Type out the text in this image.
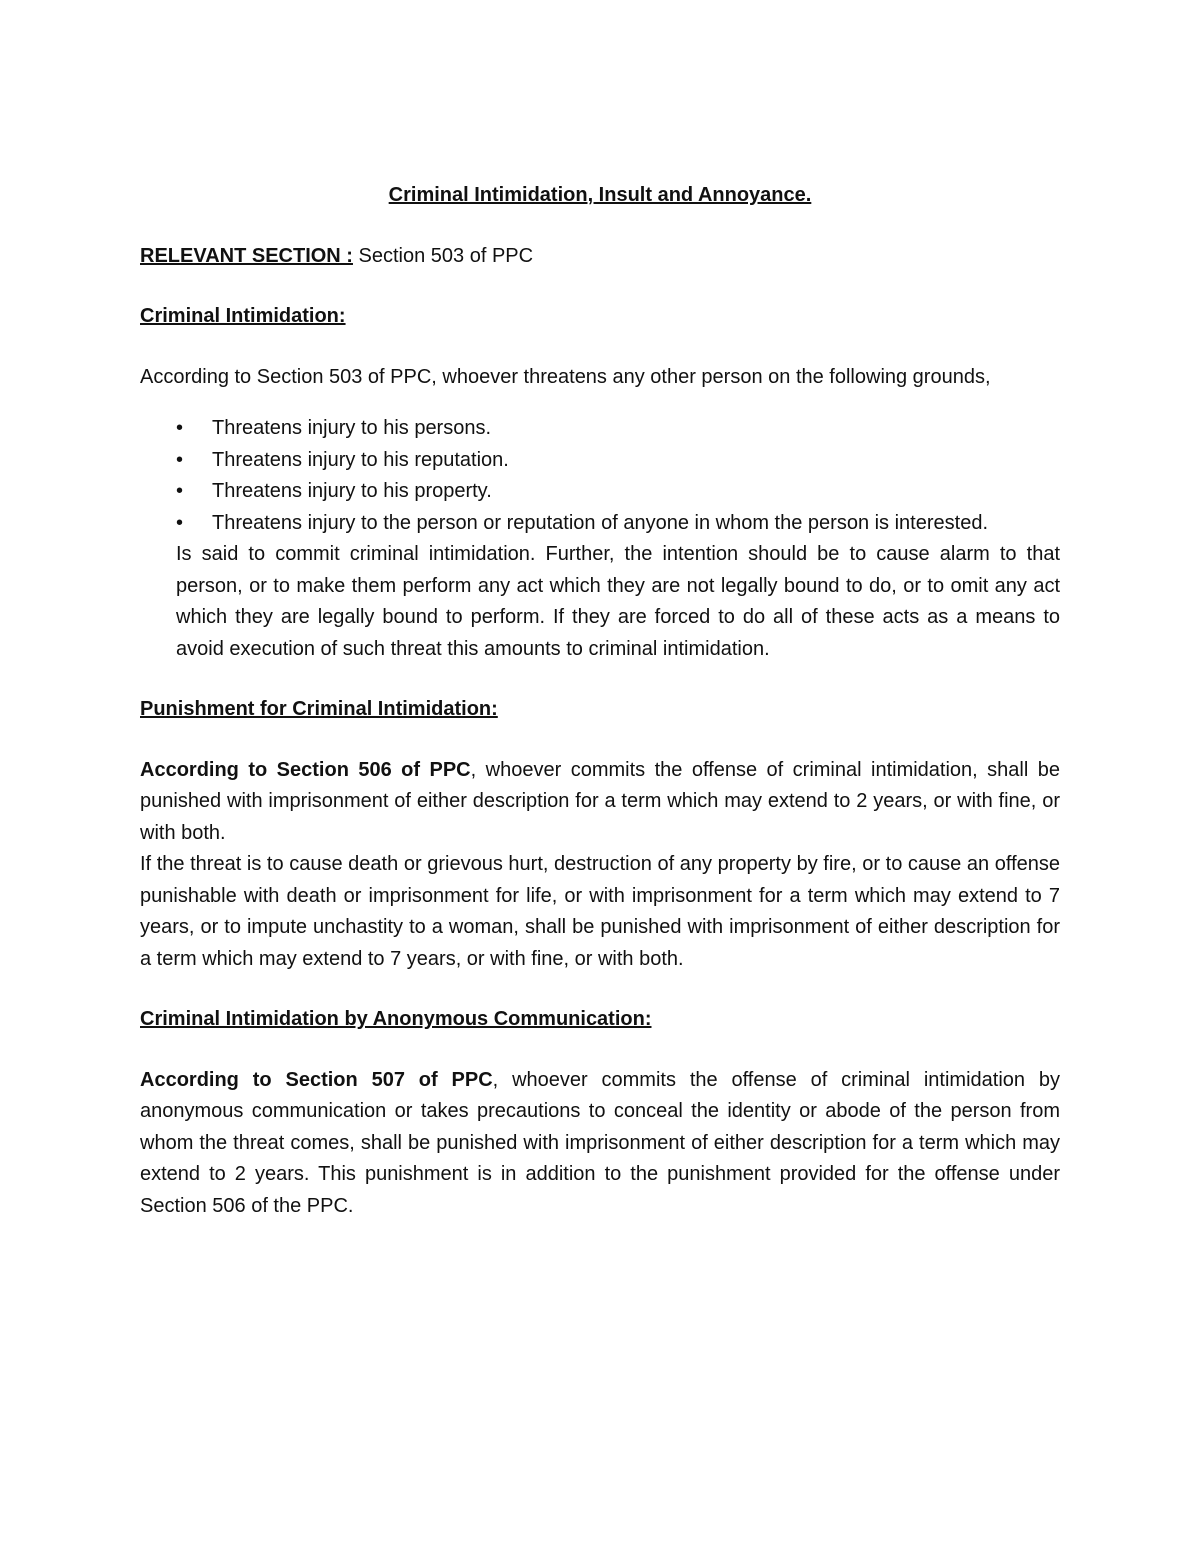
Criminal Intimidation, Insult and Annoyance.

RELEVANT SECTION : Section 503 of PPC

Criminal Intimidation:

According to Section 503 of PPC, whoever threatens any other person on the following grounds,

• Threatens injury to his persons.
• Threatens injury to his reputation.
• Threatens injury to his property.
• Threatens injury to the person or reputation of anyone in whom the person is interested.

Is said to commit criminal intimidation. Further, the intention should be to cause alarm to that person, or to make them perform any act which they are not legally bound to do, or to omit any act which they are legally bound to perform. If they are forced to do all of these acts as a means to avoid execution of such threat this amounts to criminal intimidation.

Punishment for Criminal Intimidation:

According to Section 506 of PPC, whoever commits the offense of criminal intimidation, shall be punished with imprisonment of either description for a term which may extend to 2 years, or with fine, or with both.

If the threat is to cause death or grievous hurt, destruction of any property by fire, or to cause an offense punishable with death or imprisonment for life, or with imprisonment for a term which may extend to 7 years, or to impute unchastity to a woman, shall be punished with imprisonment of either description for a term which may extend to 7 years, or with fine, or with both.

Criminal Intimidation by Anonymous Communication:

According to Section 507 of PPC, whoever commits the offense of criminal intimidation by anonymous communication or takes precautions to conceal the identity or abode of the person from whom the threat comes, shall be punished with imprisonment of either description for a term which may extend to 2 years. This punishment is in addition to the punishment provided for the offense under Section 506 of the PPC.
